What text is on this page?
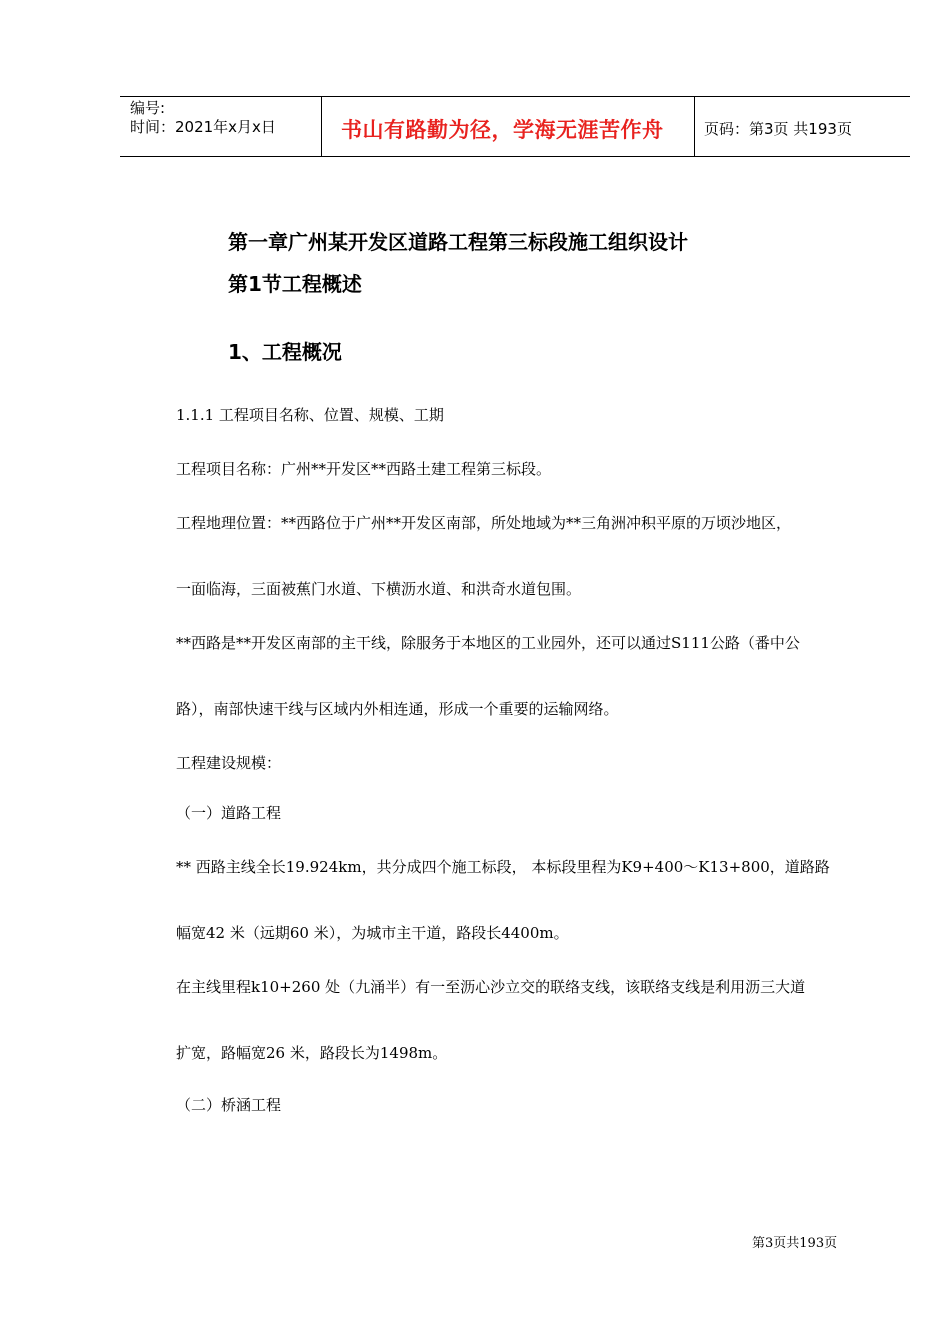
编号:
时间：2021年x月x日	书山有路勤为径，学海无涯苦作舟	页码：第3页 共193页
第一章广州某开发区道路工程第三标段施工组织设计
第1节工程概述
1、工程概况
1.1.1 工程项目名称、位置、规模、工期
工程项目名称：广州**开发区**西路土建工程第三标段。
工程地理位置：**西路位于广州**开发区南部，所处地域为**三角洲冲积平原的万顷沙地区，
一面临海，三面被蕉门水道、下横沥水道、和洪奇水道包围。
**西路是**开发区南部的主干线，除服务于本地区的工业园外，还可以通过S111公路（番中公
路），南部快速干线与区域内外相连通，形成一个重要的运输网络。
工程建设规模：
（一）道路工程
** 西路主线全长19.924km，共分成四个施工标段， 本标段里程为K9+400～K13+800，道路路
幅宽42 米（远期60 米），为城市主干道，路段长4400m。
在主线里程k10+260 处（九涌半）有一至沥心沙立交的联络支线，该联络支线是利用沥三大道
扩宽，路幅宽26 米，路段长为1498m。
（二）桥涵工程
第3页共193页
